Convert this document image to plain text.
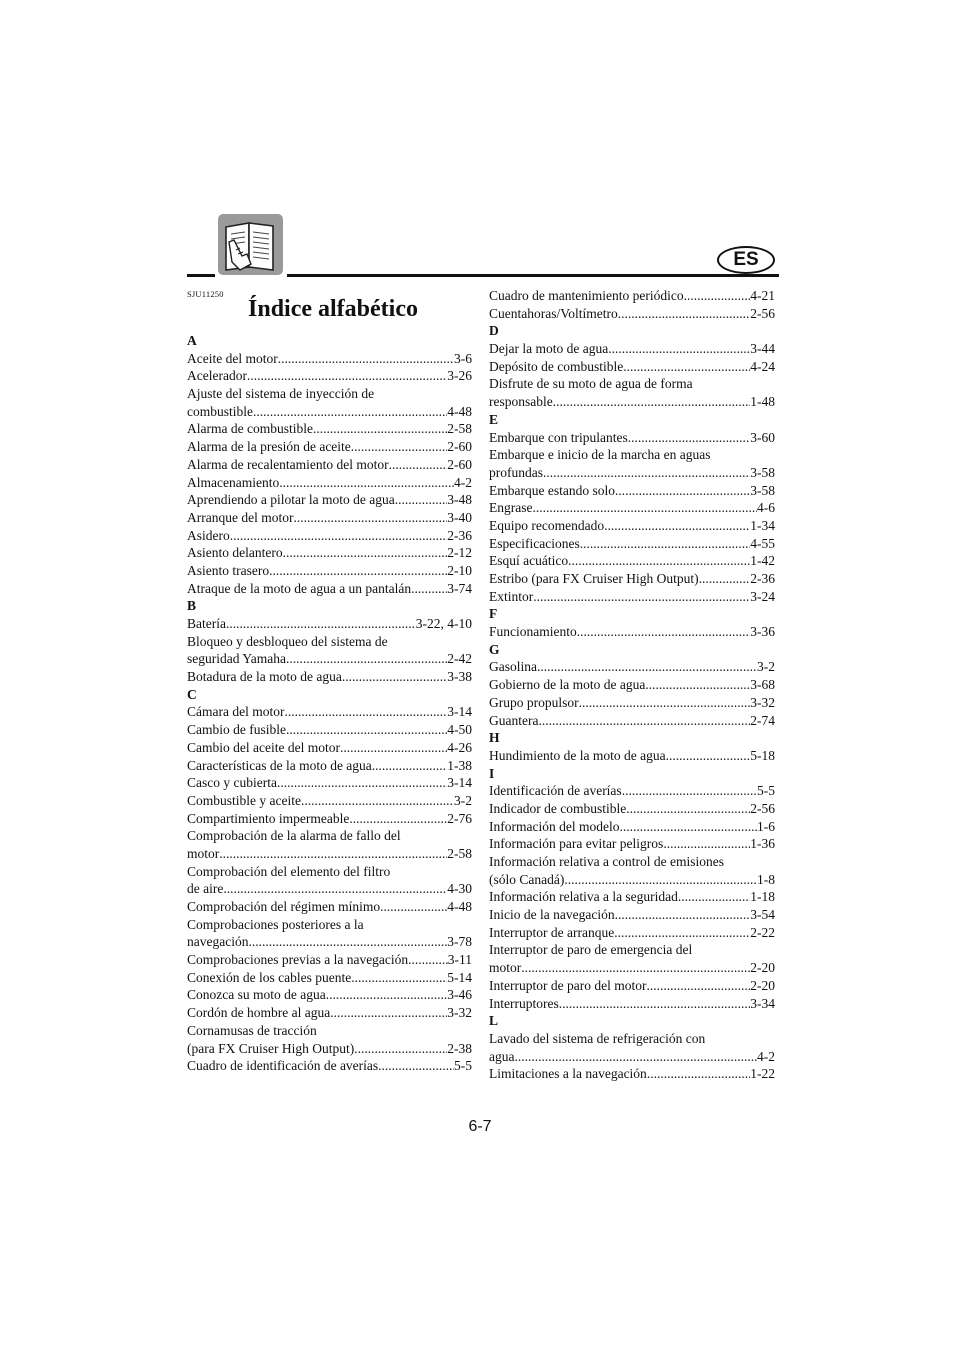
ES
SJU11250
Índice alfabético
A
Aceite del motor .....	3-6
Acelerador .....	3-26
Ajuste del sistema de inyección de
combustible .....	4-48
Alarma de combustible .....	2-58
Alarma de la presión de aceite .....	2-60
Alarma de recalentamiento del motor .....	2-60
Almacenamiento .....	4-2
Aprendiendo a pilotar la moto de agua .....	3-48
Arranque del motor .....	3-40
Asidero .....	2-36
Asiento delantero .....	2-12
Asiento trasero .....	2-10
Atraque de la moto de agua a un pantalán .....	3-74
B
Batería .....	3-22, 4-10
Bloqueo y desbloqueo del sistema de
seguridad Yamaha .....	2-42
Botadura de la moto de agua .....	3-38
C
Cámara del motor .....	3-14
Cambio de fusible .....	4-50
Cambio del aceite del motor .....	4-26
Características de la moto de agua .....	1-38
Casco y cubierta .....	3-14
Combustible y aceite .....	3-2
Compartimiento impermeable .....	2-76
Comprobación de la alarma de fallo del
motor .....	2-58
Comprobación del elemento del filtro
de aire .....	4-30
Comprobación del régimen mínimo .....	4-48
Comprobaciones posteriores a la
navegación .....	3-78
Comprobaciones previas a la navegación .....	3-11
Conexión de los cables puente .....	5-14
Conozca su moto de agua .....	3-46
Cordón de hombre al agua .....	3-32
Cornamusas de tracción
(para FX Cruiser High Output) .....	2-38
Cuadro de identificación de averías .....	5-5
Cuadro de mantenimiento periódico .....	4-21
Cuentahoras/Voltímetro .....	2-56
D
Dejar la moto de agua .....	3-44
Depósito de combustible .....	4-24
Disfrute de su moto de agua de forma
responsable .....	1-48
E
Embarque con tripulantes .....	3-60
Embarque e inicio de la marcha en aguas
profundas .....	3-58
Embarque estando solo .....	3-58
Engrase .....	4-6
Equipo recomendado .....	1-34
Especificaciones .....	4-55
Esquí acuático .....	1-42
Estribo (para FX Cruiser High Output) .....	2-36
Extintor .....	3-24
F
Funcionamiento .....	3-36
G
Gasolina .....	3-2
Gobierno de la moto de agua .....	3-68
Grupo propulsor .....	3-32
Guantera .....	2-74
H
Hundimiento de la moto de agua .....	5-18
I
Identificación de averías .....	5-5
Indicador de combustible .....	2-56
Información del modelo .....	1-6
Información para evitar peligros .....	1-36
Información relativa a control de emisiones
(sólo Canadá) .....	1-8
Información relativa a la seguridad .....	1-18
Inicio de la navegación .....	3-54
Interruptor de arranque .....	2-22
Interruptor de paro de emergencia del
motor .....	2-20
Interruptor de paro del motor .....	2-20
Interruptores .....	3-34
L
Lavado del sistema de refrigeración con
agua .....	4-2
Limitaciones a la navegación .....	1-22
6-7
